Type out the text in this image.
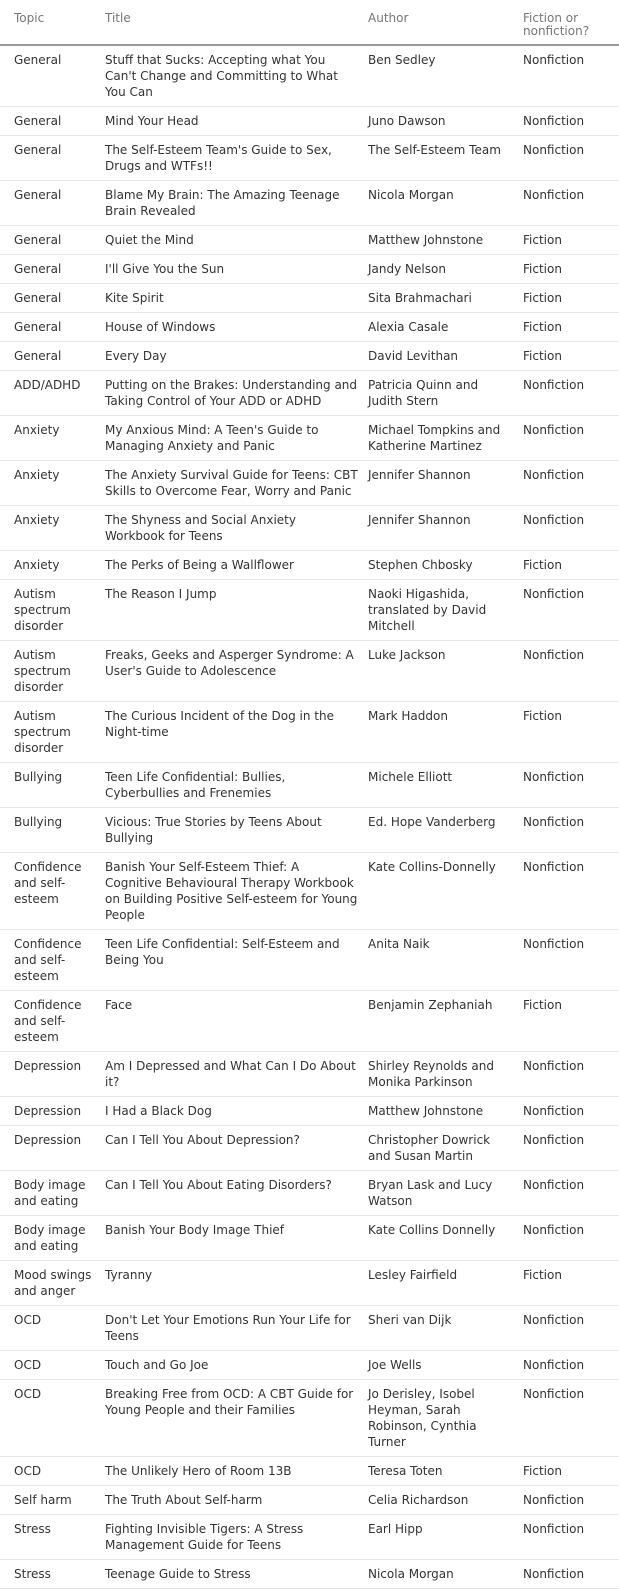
Topic	Title	Author	Fiction or nonfiction?
General	Stuff that Sucks: Accepting what You Can't Change and Committing to What You Can	Ben Sedley	Nonfiction
General	Mind Your Head	Juno Dawson	Nonfiction
General	The Self-Esteem Team's Guide to Sex, Drugs and WTFs!!	The Self-Esteem Team	Nonfiction
General	Blame My Brain: The Amazing Teenage Brain Revealed	Nicola Morgan	Nonfiction
General	Quiet the Mind	Matthew Johnstone	Fiction
General	I'll Give You the Sun	Jandy Nelson	Fiction
General	Kite Spirit	Sita Brahmachari	Fiction
General	House of Windows	Alexia Casale	Fiction
General	Every Day	David Levithan	Fiction
ADD/ADHD	Putting on the Brakes: Understanding and Taking Control of Your ADD or ADHD	Patricia Quinn and Judith Stern	Nonfiction
Anxiety	My Anxious Mind: A Teen's Guide to Managing Anxiety and Panic	Michael Tompkins and Katherine Martinez	Nonfiction
Anxiety	The Anxiety Survival Guide for Teens: CBT Skills to Overcome Fear, Worry and Panic	Jennifer Shannon	Nonfiction
Anxiety	The Shyness and Social Anxiety Workbook for Teens	Jennifer Shannon	Nonfiction
Anxiety	The Perks of Being a Wallflower	Stephen Chbosky	Fiction
Autism spectrum disorder	The Reason I Jump	Naoki Higashida, translated by David Mitchell	Nonfiction
Autism spectrum disorder	Freaks, Geeks and Asperger Syndrome: A User's Guide to Adolescence	Luke Jackson	Nonfiction
Autism spectrum disorder	The Curious Incident of the Dog in the Night-time	Mark Haddon	Fiction
Bullying	Teen Life Confidential: Bullies, Cyberbullies and Frenemies	Michele Elliott	Nonfiction
Bullying	Vicious: True Stories by Teens About Bullying	Ed. Hope Vanderberg	Nonfiction
Confidence and self-esteem	Banish Your Self-Esteem Thief: A Cognitive Behavioural Therapy Workbook on Building Positive Self-esteem for Young People	Kate Collins-Donnelly	Nonfiction
Confidence and self-esteem	Teen Life Confidential: Self-Esteem and Being You	Anita Naik	Nonfiction
Confidence and self-esteem	Face	Benjamin Zephaniah	Fiction
Depression	Am I Depressed and What Can I Do About it?	Shirley Reynolds and Monika Parkinson	Nonfiction
Depression	I Had a Black Dog	Matthew Johnstone	Nonfiction
Depression	Can I Tell You About Depression?	Christopher Dowrick and Susan Martin	Nonfiction
Body image and eating	Can I Tell You About Eating Disorders?	Bryan Lask and Lucy Watson	Nonfiction
Body image and eating	Banish Your Body Image Thief	Kate Collins Donnelly	Nonfiction
Mood swings and anger	Tyranny	Lesley Fairfield	Fiction
OCD	Don't Let Your Emotions Run Your Life for Teens	Sheri van Dijk	Nonfiction
OCD	Touch and Go Joe	Joe Wells	Nonfiction
OCD	Breaking Free from OCD: A CBT Guide for Young People and their Families	Jo Derisley, Isobel Heyman, Sarah Robinson, Cynthia Turner	Nonfiction
OCD	The Unlikely Hero of Room 13B	Teresa Toten	Fiction
Self harm	The Truth About Self-harm	Celia Richardson	Nonfiction
Stress	Fighting Invisible Tigers: A Stress Management Guide for Teens	Earl Hipp	Nonfiction
Stress	Teenage Guide to Stress	Nicola Morgan	Nonfiction
